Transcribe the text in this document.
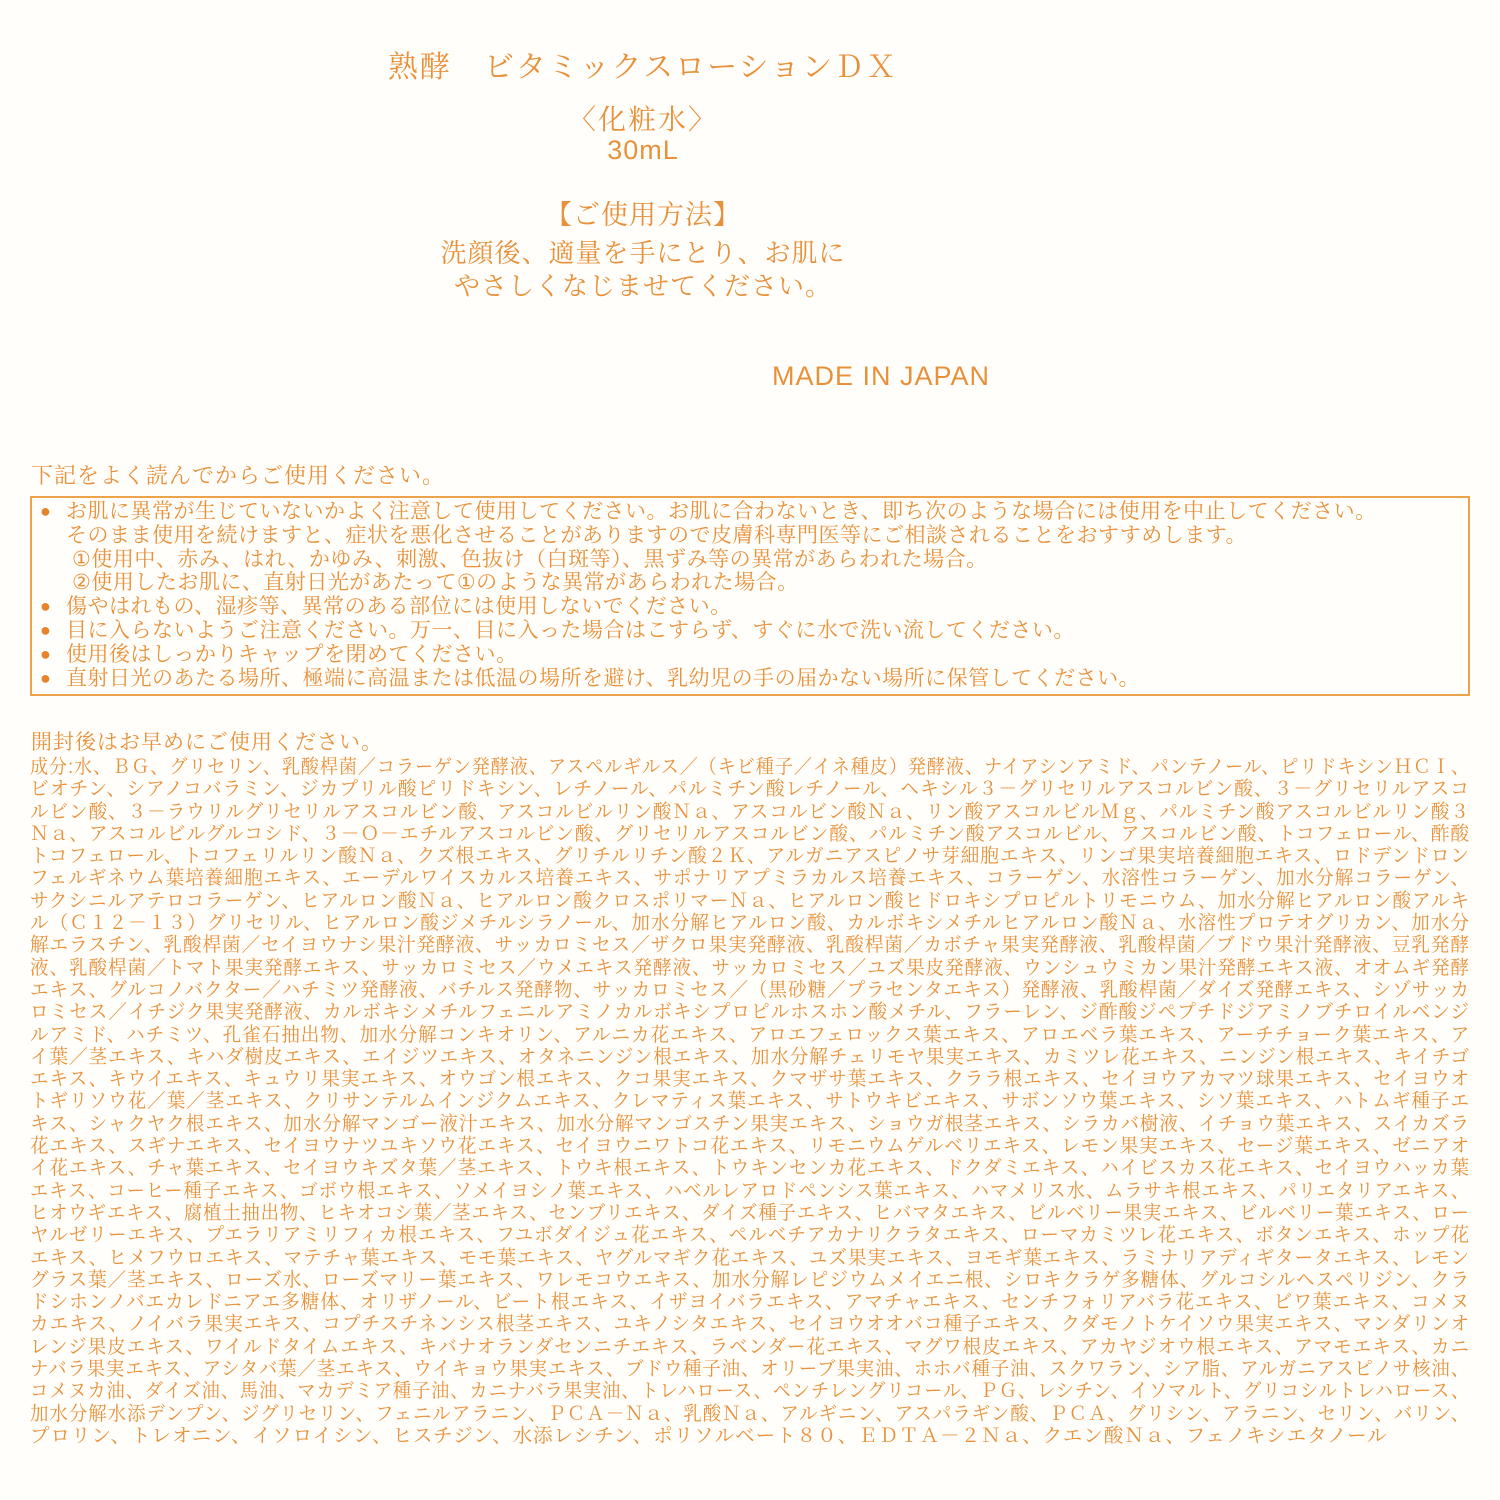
熟酵　ビタミックスローションＤＸ
〈化粧水〉
30mL
【ご使用方法】
洗顔後、適量を手にとり、お肌に
やさしくなじませてください。
MADE IN JAPAN
下記をよく読んでからご使用ください。
● お肌に異常が生じていないかよく注意して使用してください。お肌に合わないとき、即ち次のような場合には使用を中止してください。
そのまま使用を続けますと、症状を悪化させることがありますので皮膚科専門医等にご相談されることをおすすめします。
①使用中、赤み、はれ、かゆみ、刺激、色抜け（白斑等）、黒ずみ等の異常があらわれた場合。
②使用したお肌に、直射日光があたって①のような異常があらわれた場合。
● 傷やはれもの、湿疹等、異常のある部位には使用しないでください。
● 目に入らないようご注意ください。万一、目に入った場合はこすらず、すぐに水で洗い流してください。
● 使用後はしっかりキャップを閉めてください。
● 直射日光のあたる場所、極端に高温または低温の場所を避け、乳幼児の手の届かない場所に保管してください。
開封後はお早めにご使用ください。
成分:水、ＢＧ、グリセリン、乳酸桿菌／コラーゲン発酵液、アスペルギルス／（キビ種子／イネ種皮）発酵液、ナイアシンアミド、パンテノール、ピリドキシンＨＣＩ、
ビオチン、シアノコバラミン、ジカプリル酸ピリドキシン、レチノール、パルミチン酸レチノール、ヘキシル３－グリセリルアスコルビン酸、３－グリセリルアスコ
ルビン酸、３－ラウリルグリセリルアスコルビン酸、アスコルビルリン酸Ｎａ、アスコルビン酸Ｎａ、リン酸アスコルビルＭｇ、パルミチン酸アスコルビルリン酸３
Ｎａ、アスコルビルグルコシド、３－Ｏ－エチルアスコルビン酸、グリセリルアスコルビン酸、パルミチン酸アスコルビル、アスコルビン酸、トコフェロール、酢酸
トコフェロール、トコフェリルリン酸Ｎａ、クズ根エキス、グリチルリチン酸２Ｋ、アルガニアスピノサ芽細胞エキス、リンゴ果実培養細胞エキス、ロドデンドロン
フェルギネウム葉培養細胞エキス、エーデルワイスカルス培養エキス、サポナリアプミラカルス培養エキス、コラーゲン、水溶性コラーゲン、加水分解コラーゲン、
サクシニルアテロコラーゲン、ヒアルロン酸Ｎａ、ヒアルロン酸クロスポリマーＮａ、ヒアルロン酸ヒドロキシプロピルトリモニウム、加水分解ヒアルロン酸アルキ
ル（Ｃ１２－１３）グリセリル、ヒアルロン酸ジメチルシラノール、加水分解ヒアルロン酸、カルボキシメチルヒアルロン酸Ｎａ、水溶性プロテオグリカン、加水分
解エラスチン、乳酸桿菌／セイヨウナシ果汁発酵液、サッカロミセス／ザクロ果実発酵液、乳酸桿菌／カボチャ果実発酵液、乳酸桿菌／ブドウ果汁発酵液、豆乳発酵
液、乳酸桿菌／トマト果実発酵エキス、サッカロミセス／ウメエキス発酵液、サッカロミセス／ユズ果皮発酵液、ウンシュウミカン果汁発酵エキス液、オオムギ発酵
エキス、グルコノバクター／ハチミツ発酵液、バチルス発酵物、サッカロミセス／（黒砂糖／プラセンタエキス）発酵液、乳酸桿菌／ダイズ発酵エキス、シゾサッカ
ロミセス／イチジク果実発酵液、カルボキシメチルフェニルアミノカルボキシプロピルホスホン酸メチル、フラーレン、ジ酢酸ジペプチドジアミノブチロイルベンジ
ルアミド、ハチミツ、孔雀石抽出物、加水分解コンキオリン、アルニカ花エキス、アロエフェロックス葉エキス、アロエベラ葉エキス、アーチチョーク葉エキス、ア
イ葉／茎エキス、キハダ樹皮エキス、エイジツエキス、オタネニンジン根エキス、加水分解チェリモヤ果実エキス、カミツレ花エキス、ニンジン根エキス、キイチゴ
エキス、キウイエキス、キュウリ果実エキス、オウゴン根エキス、クコ果実エキス、クマザサ葉エキス、クララ根エキス、セイヨウアカマツ球果エキス、セイヨウオ
トギリソウ花／葉／茎エキス、クリサンテルムインジクムエキス、クレマティス葉エキス、サトウキビエキス、サボンソウ葉エキス、シソ葉エキス、ハトムギ種子エ
キス、シャクヤク根エキス、加水分解マンゴー液汁エキス、加水分解マンゴスチン果実エキス、ショウガ根茎エキス、シラカバ樹液、イチョウ葉エキス、スイカズラ
花エキス、スギナエキス、セイヨウナツユキソウ花エキス、セイヨウニワトコ花エキス、リモニウムゲルベリエキス、レモン果実エキス、セージ葉エキス、ゼニアオ
イ花エキス、チャ葉エキス、セイヨウキズタ葉／茎エキス、トウキ根エキス、トウキンセンカ花エキス、ドクダミエキス、ハイビスカス花エキス、セイヨウハッカ葉
エキス、コーヒー種子エキス、ゴボウ根エキス、ソメイヨシノ葉エキス、ハベルレアロドペンシス葉エキス、ハマメリス水、ムラサキ根エキス、パリエタリアエキス、
ヒオウギエキス、腐植土抽出物、ヒキオコシ葉／茎エキス、センブリエキス、ダイズ種子エキス、ヒバマタエキス、ビルベリー果実エキス、ビルベリー葉エキス、ロー
ヤルゼリーエキス、プエラリアミリフィカ根エキス、フユボダイジュ花エキス、ペルベチアカナリクラタエキス、ローマカミツレ花エキス、ボタンエキス、ホップ花
エキス、ヒメフウロエキス、マテチャ葉エキス、モモ葉エキス、ヤグルマギク花エキス、ユズ果実エキス、ヨモギ葉エキス、ラミナリアディギタータエキス、レモン
グラス葉／茎エキス、ローズ水、ローズマリー葉エキス、ワレモコウエキス、加水分解レピジウムメイエニ根、シロキクラゲ多糖体、グルコシルヘスペリジン、クラ
ドシホンノバエカレドニアエ多糖体、オリザノール、ビート根エキス、イザヨイバラエキス、アマチャエキス、センチフォリアバラ花エキス、ビワ葉エキス、コメヌ
カエキス、ノイバラ果実エキス、コプチスチネンシス根茎エキス、ユキノシタエキス、セイヨウオオバコ種子エキス、クダモノトケイソウ果実エキス、マンダリンオ
レンジ果皮エキス、ワイルドタイムエキス、キバナオランダセンニチエキス、ラベンダー花エキス、マグワ根皮エキス、アカヤジオウ根エキス、アマモエキス、カニ
ナバラ果実エキス、アシタバ葉／茎エキス、ウイキョウ果実エキス、ブドウ種子油、オリーブ果実油、ホホバ種子油、スクワラン、シア脂、アルガニアスピノサ核油、
コメヌカ油、ダイズ油、馬油、マカデミア種子油、カニナバラ果実油、トレハロース、ペンチレングリコール、ＰＧ、レシチン、イソマルト、グリコシルトレハロース、
加水分解水添デンプン、ジグリセリン、フェニルアラニン、ＰＣＡ－Ｎａ、乳酸Ｎａ、アルギニン、アスパラギン酸、ＰＣＡ、グリシン、アラニン、セリン、バリン、
プロリン、トレオニン、イソロイシン、ヒスチジン、水添レシチン、ポリソルベート８０、ＥＤＴＡ－２Ｎａ、クエン酸Ｎａ、フェノキシエタノール
